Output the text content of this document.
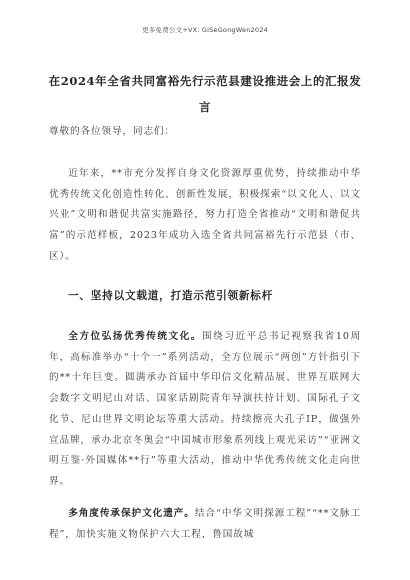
更多免费公文+VX: GiSeGongWen2024
在2024年全省共同富裕先行示范县建设推进会上的汇报发言
尊敬的各位领导，同志们：
近年来，**市充分发挥自身文化资源厚重优势，持续推动中华优秀传统文化创造性转化、创新性发展，积极探索“以文化人、以文兴业”文明和谐促共富实施路径，努力打造全省推动“文明和谐促共富”的示范样板，2023年成功入选全省共同富裕先行示范县（市、区）。
一、坚持以文载道，打造示范引领新标杆
全方位弘扬优秀传统文化。围绕习近平总书记视察我省10周年，高标准举办“十个一”系列活动，全方位展示“两创”方针指引下的**十年巨变。圆满承办首届中华印信文化精品展、世界互联网大会数字文明尼山对话、国家话剧院青年导演扶持计划、国际孔子文化节、尼山世界文明论坛等重大活动。持续擦亮大孔子IP，做强外宣品牌，承办北京冬奥会“中国城市形象系列线上观光采访”“亚洲文明互鉴·外国媒体**行”等重大活动，推动中华优秀传统文化走向世界。
多角度传承保护文化遗产。结合“中华文明探源工程”“**文脉工程”，加快实施文物保护六大工程，鲁国故城
